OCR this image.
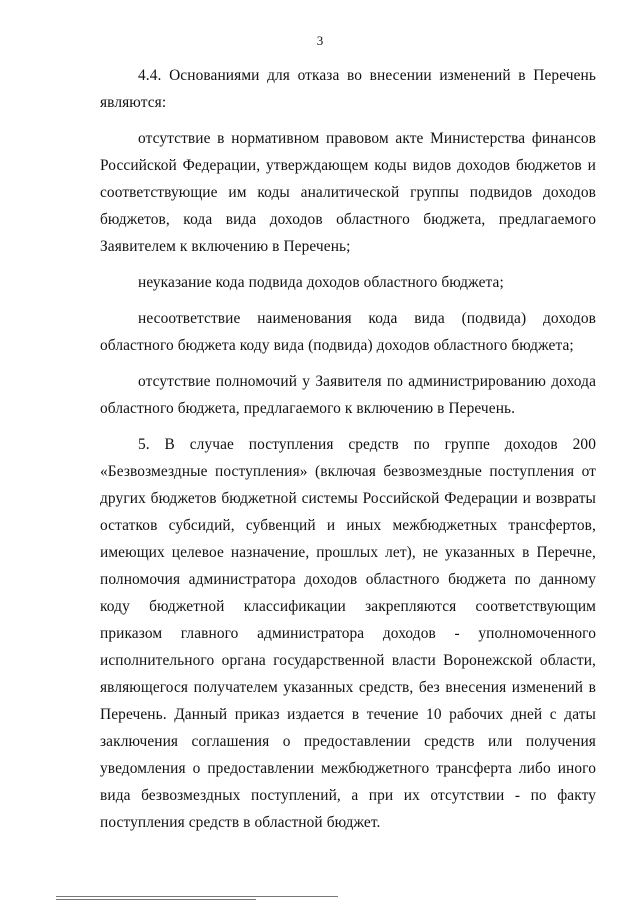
3

4.4. Основаниями для отказа во внесении изменений в Перечень являются:

отсутствие в нормативном правовом акте Министерства финансов Российской Федерации, утверждающем коды видов доходов бюджетов и соответствующие им коды аналитической группы подвидов доходов бюджетов, кода вида доходов областного бюджета, предлагаемого Заявителем к включению в Перечень;

неуказание кода подвида доходов областного бюджета;

несоответствие наименования кода вида (подвида) доходов областного бюджета коду вида (подвида) доходов областного бюджета;

отсутствие полномочий у Заявителя по администрированию дохода областного бюджета, предлагаемого к включению в Перечень.

5. В случае поступления средств по группе доходов 200 «Безвозмездные поступления» (включая безвозмездные поступления от других бюджетов бюджетной системы Российской Федерации и возвраты остатков субсидий, субвенций и иных межбюджетных трансфертов, имеющих целевое назначение, прошлых лет), не указанных в Перечне, полномочия администратора доходов областного бюджета по данному коду бюджетной классификации закрепляются соответствующим приказом главного администратора доходов - уполномоченного исполнительного органа государственной власти Воронежской области, являющегося получателем указанных средств, без внесения изменений в Перечень. Данный приказ издается в течение 10 рабочих дней с даты заключения соглашения о предоставлении средств или получения уведомления о предоставлении межбюджетного трансферта либо иного вида безвозмездных поступлений, а при их отсутствии - по факту поступления средств в областной бюджет.
